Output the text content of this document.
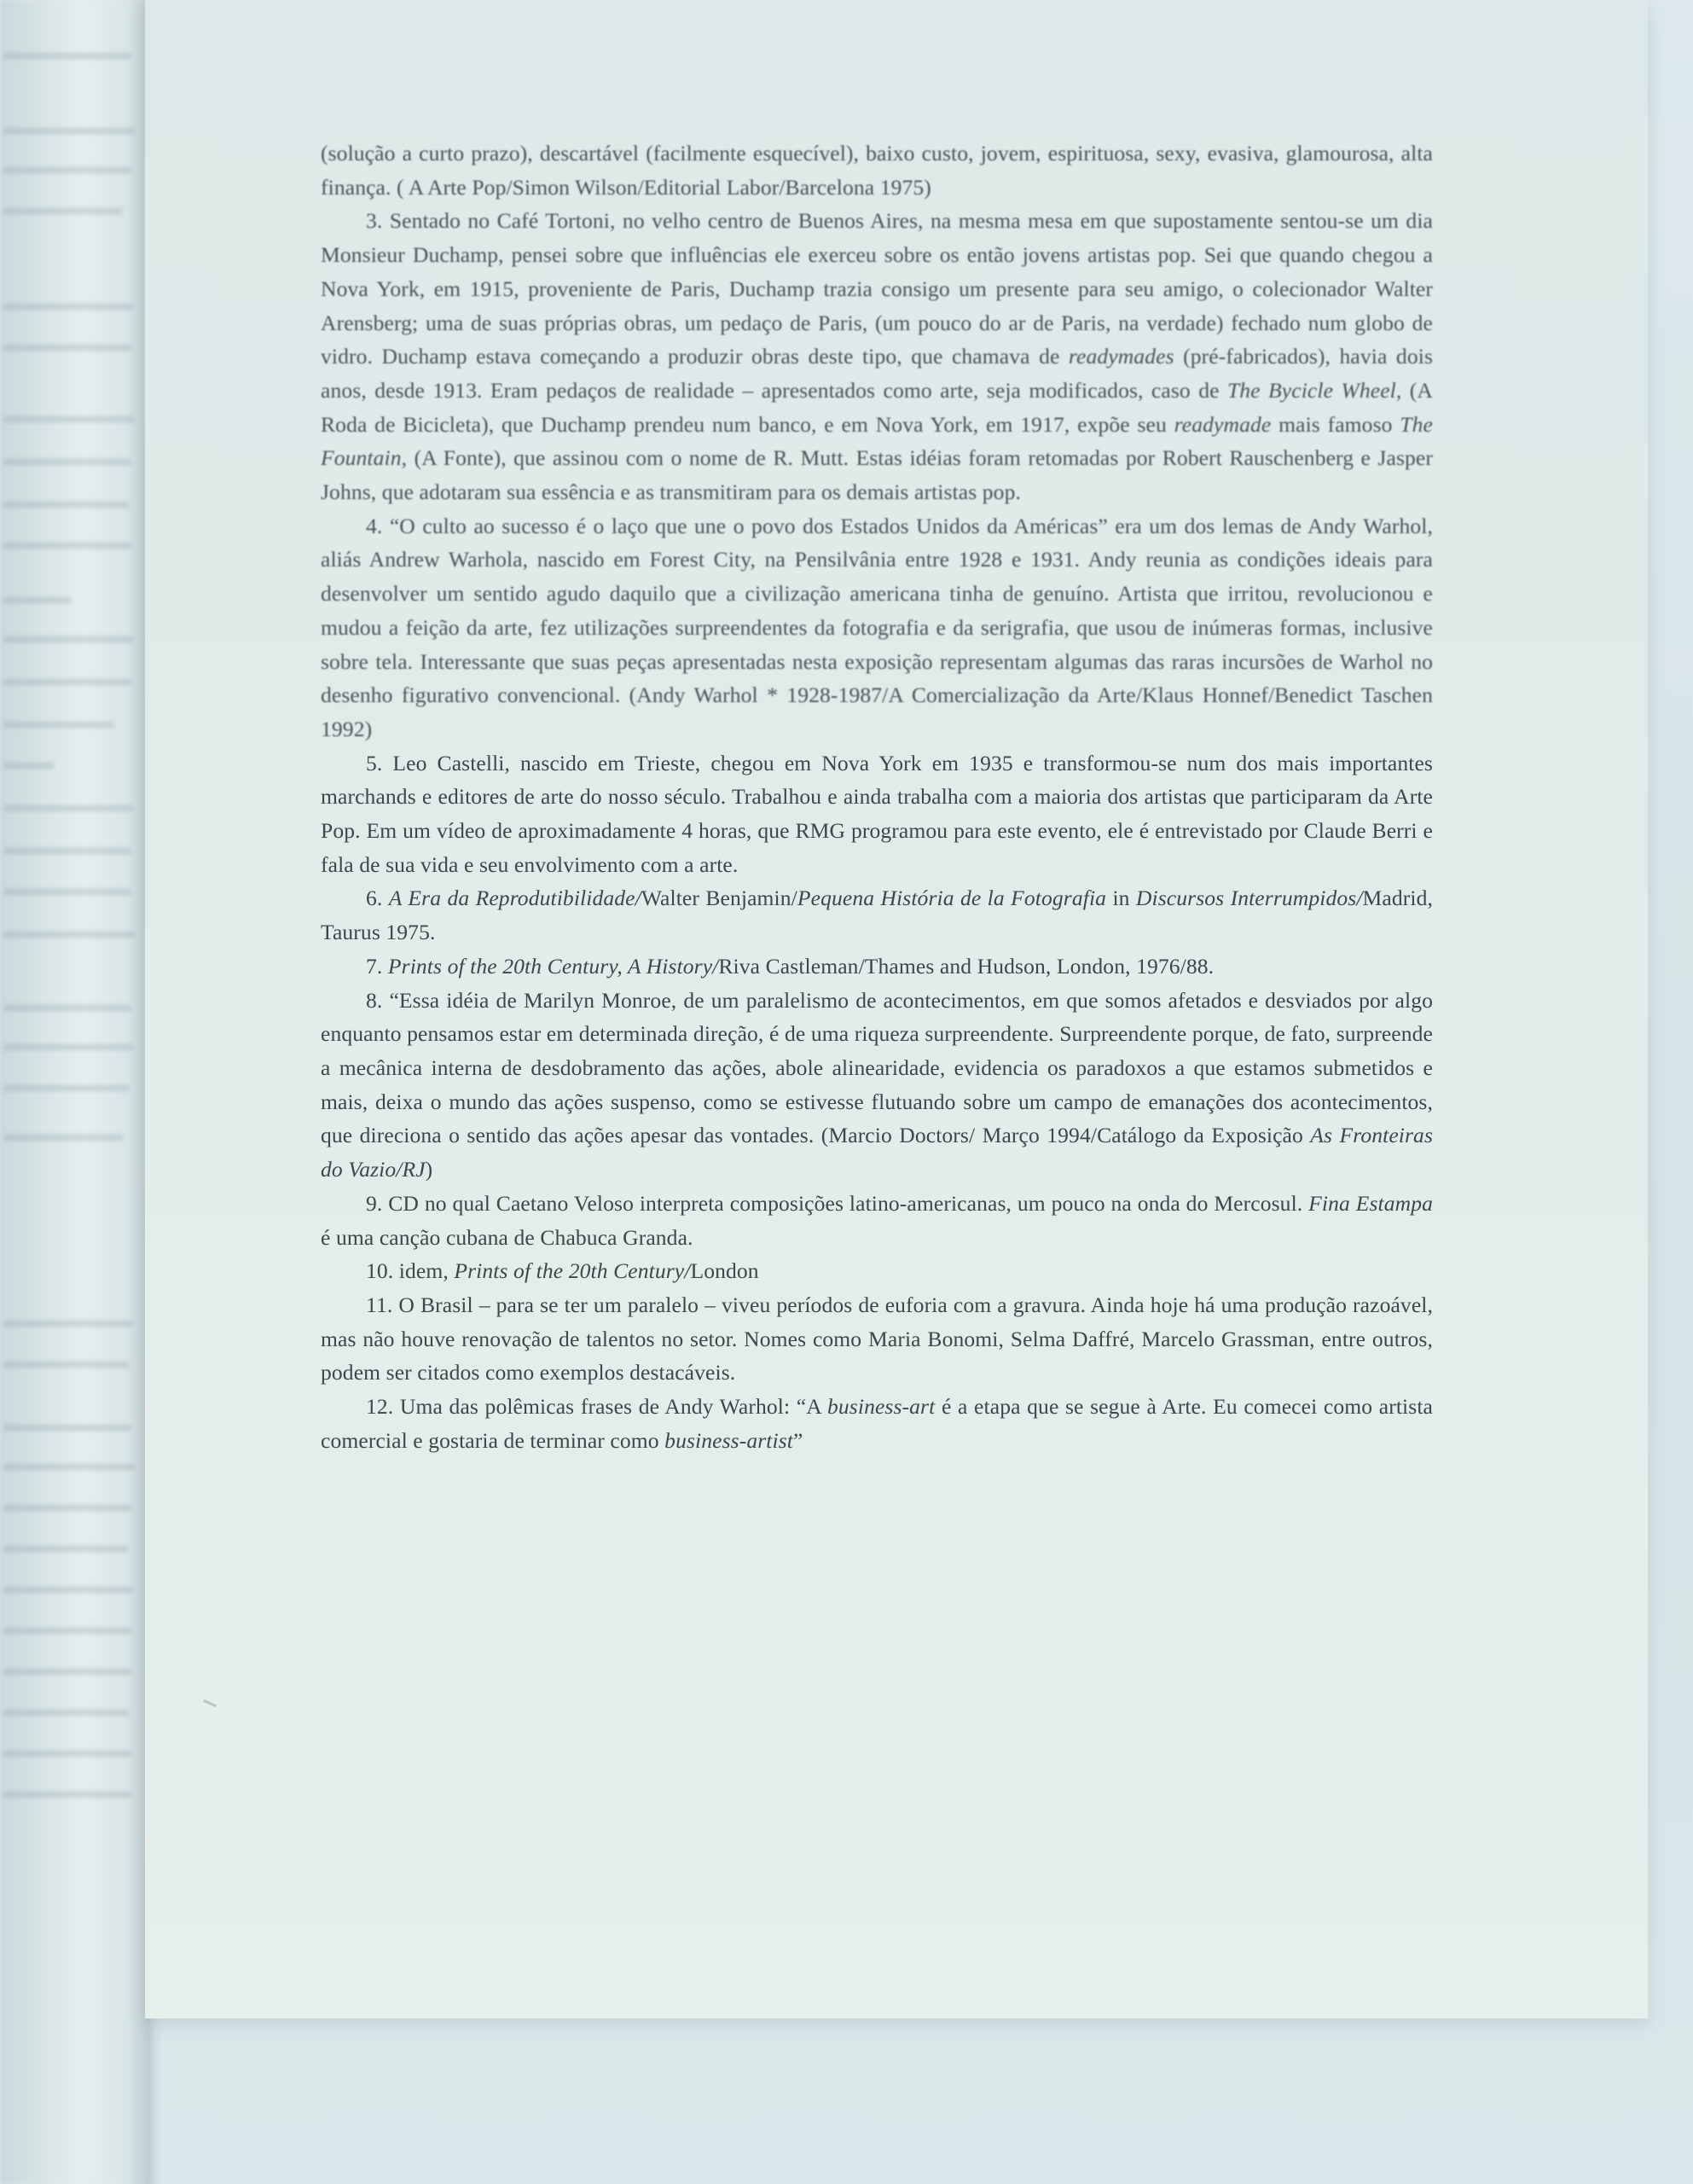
(solução a curto prazo), descartável (facilmente esquecível), baixo custo, jovem, espirituosa, sexy, evasiva, glamourosa, alta finança. ( A Arte Pop/Simon Wilson/Editorial Labor/Barcelona 1975)

3. Sentado no Café Tortoni, no velho centro de Buenos Aires, na mesma mesa em que supostamente sentou-se um dia Monsieur Duchamp, pensei sobre que influências ele exerceu sobre os então jovens artistas pop. Sei que quando chegou a Nova York, em 1915, proveniente de Paris, Duchamp trazia consigo um presente para seu amigo, o colecionador Walter Arensberg; uma de suas próprias obras, um pedaço de Paris, (um pouco do ar de Paris, na verdade) fechado num globo de vidro. Duchamp estava começando a produzir obras deste tipo, que chamava de readymades (pré-fabricados), havia dois anos, desde 1913. Eram pedaços de realidade – apresentados como arte, seja modificados, caso de The Bycicle Wheel, (A Roda de Bicicleta), que Duchamp prendeu num banco, e em Nova York, em 1917, expõe seu readymade mais famoso The Fountain, (A Fonte), que assinou com o nome de R. Mutt. Estas idéias foram retomadas por Robert Rauschenberg e Jasper Johns, que adotaram sua essência e as transmitiram para os demais artistas pop.

4. “O culto ao sucesso é o laço que une o povo dos Estados Unidos da Américas” era um dos lemas de Andy Warhol, aliás Andrew Warhola, nascido em Forest City, na Pensilvânia entre 1928 e 1931. Andy reunia as condições ideais para desenvolver um sentido agudo daquilo que a civilização americana tinha de genuíno. Artista que irritou, revolucionou e mudou a feição da arte, fez utilizações surpreendentes da fotografia e da serigrafia, que usou de inúmeras formas, inclusive sobre tela. Interessante que suas peças apresentadas nesta exposição representam algumas das raras incursões de Warhol no desenho figurativo convencional. (Andy Warhol * 1928-1987/A Comercialização da Arte/Klaus Honnef/Benedict Taschen 1992)

5. Leo Castelli, nascido em Trieste, chegou em Nova York em 1935 e transformou-se num dos mais importantes marchands e editores de arte do nosso século. Trabalhou e ainda trabalha com a maioria dos artistas que participaram da Arte Pop. Em um vídeo de aproximadamente 4 horas, que RMG programou para este evento, ele é entrevistado por Claude Berri e fala de sua vida e seu envolvimento com a arte.

6. A Era da Reprodutibilidade/Walter Benjamin/Pequena História de la Fotografia in Discursos Interrumpidos/Madrid, Taurus 1975.

7. Prints of the 20th Century, A History/Riva Castleman/Thames and Hudson, London, 1976/88.

8. “Essa idéia de Marilyn Monroe, de um paralelismo de acontecimentos, em que somos afetados e desviados por algo enquanto pensamos estar em determinada direção, é de uma riqueza surpreendente. Surpreendente porque, de fato, surpreende a mecânica interna de desdobramento das ações, abole alinearidade, evidencia os paradoxos a que estamos submetidos e mais, deixa o mundo das ações suspenso, como se estivesse flutuando sobre um campo de emanações dos acontecimentos, que direciona o sentido das ações apesar das vontades. (Marcio Doctors/ Março 1994/Catálogo da Exposição As Fronteiras do Vazio/RJ)

9. CD no qual Caetano Veloso interpreta composições latino-americanas, um pouco na onda do Mercosul. Fina Estampa é uma canção cubana de Chabuca Granda.

10. idem, Prints of the 20th Century/London

11. O Brasil – para se ter um paralelo – viveu períodos de euforia com a gravura. Ainda hoje há uma produção razoável, mas não houve renovação de talentos no setor. Nomes como Maria Bonomi, Selma Daffré, Marcelo Grassman, entre outros, podem ser citados como exemplos destacáveis.

12. Uma das polêmicas frases de Andy Warhol: “A business-art é a etapa que se segue à Arte. Eu comecei como artista comercial e gostaria de terminar como business-artist”
